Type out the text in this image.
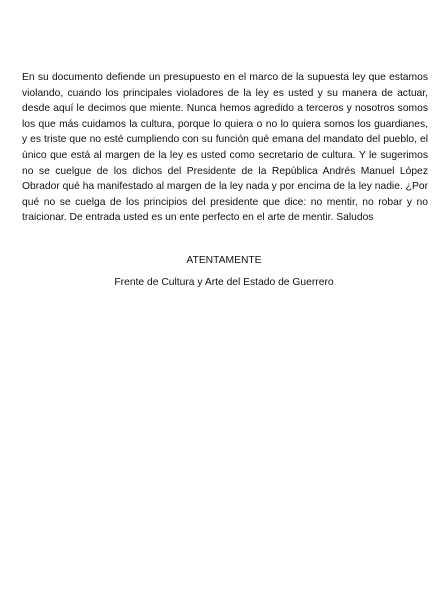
En su documento defiende un presupuesto en el marco de la supuesta ley que estamos violando, cuando los principales violadores de la ley es usted y su manera de actuar, desde aquí le decimos que miente. Nunca hemos agredido a terceros y nosotros somos los que más cuidamos la cultura, porque lo quiera o no lo quiera somos los guardianes, y es triste que no esté cumpliendo con su función qué emana del mandato del pueblo, el único que está al margen de la ley es usted como secretario de cultura. Y le sugerimos no se cuelgue de los dichos del Presidente de la República Andrés Manuel López Obrador qué ha manifestado al margen de la ley nada y por encima de la ley nadie. ¿Por qué no se cuelga de los principios del presidente que dice: no mentir, no robar y no traicionar. De entrada usted es un ente perfecto en el arte de mentir. Saludos

ATENTAMENTE

Frente de Cultura y Arte del Estado de Guerrero
